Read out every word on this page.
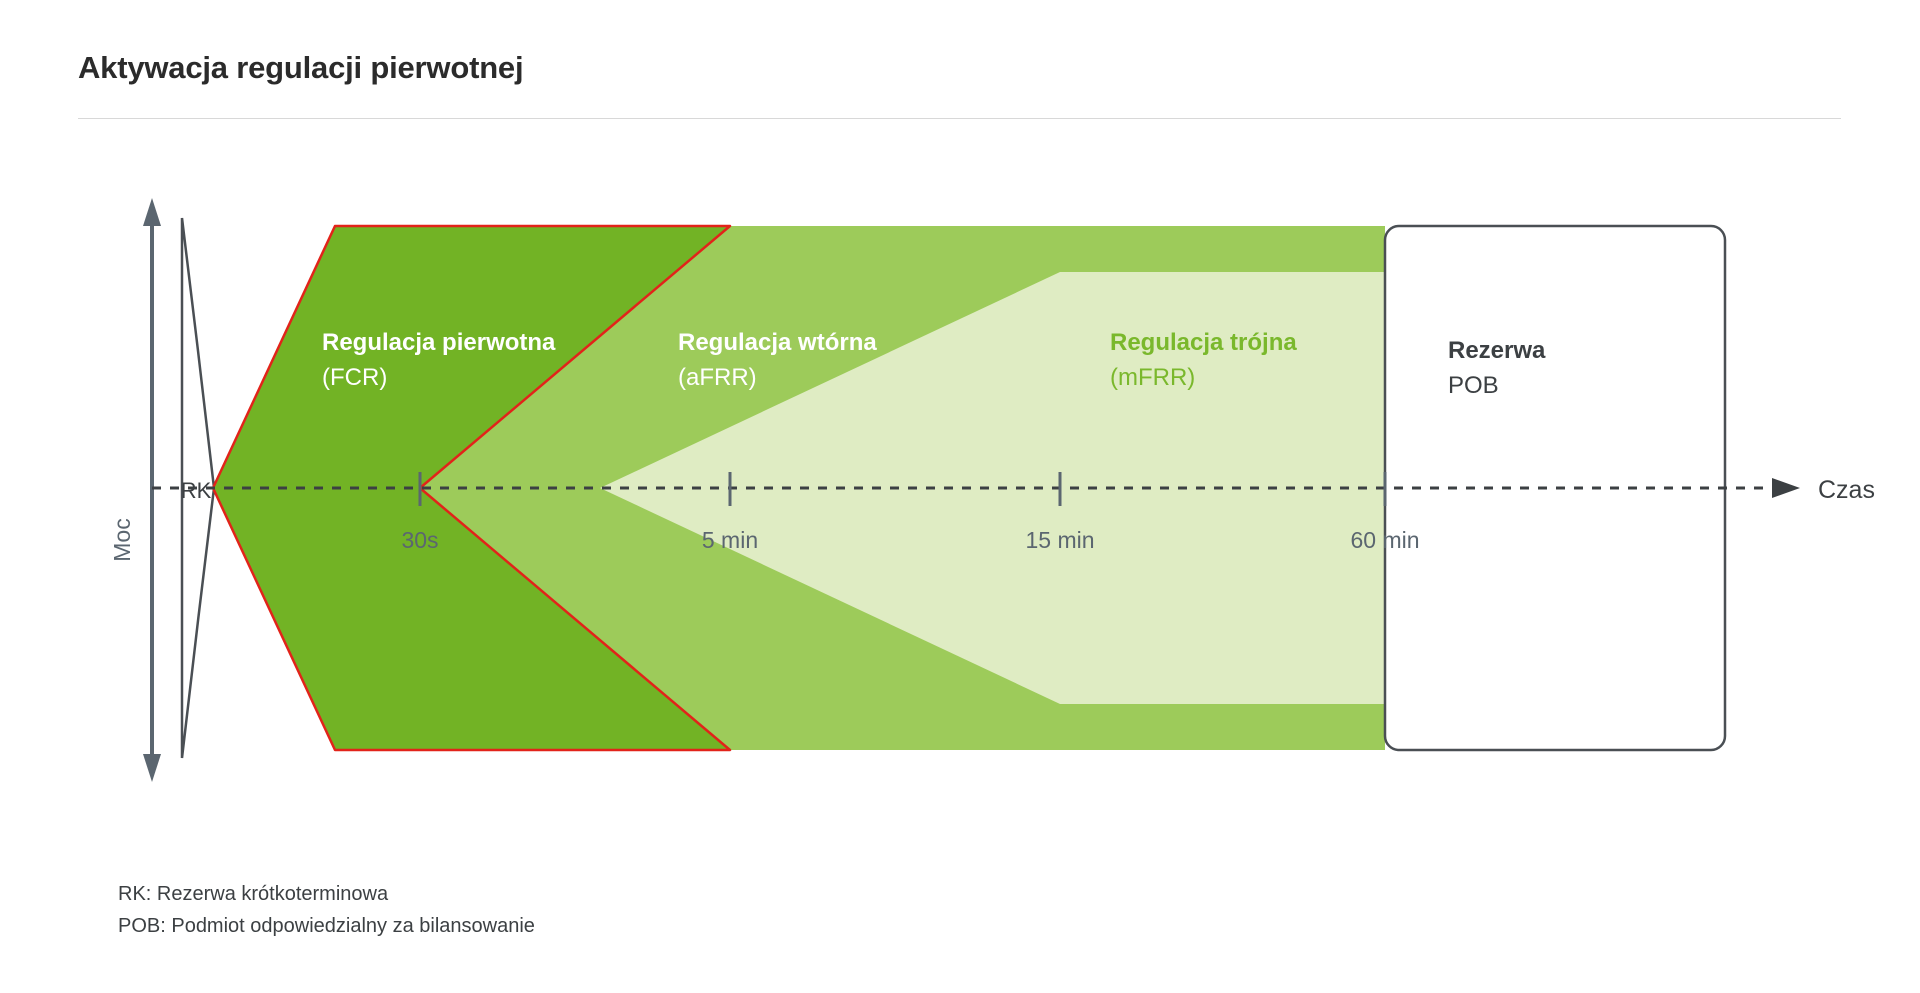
Aktywacja regulacji pierwotnej
Moc
RK	Czas
30s	5 min	15 min	60 min
Regulacja pierwotna
(FCR)
Regulacja wtórna
(aFRR)
Regulacja trójna
(mFRR)
Rezerwa
POB
RK: Rezerwa krótkoterminowa
POB: Podmiot odpowiedzialny za bilansowanie
